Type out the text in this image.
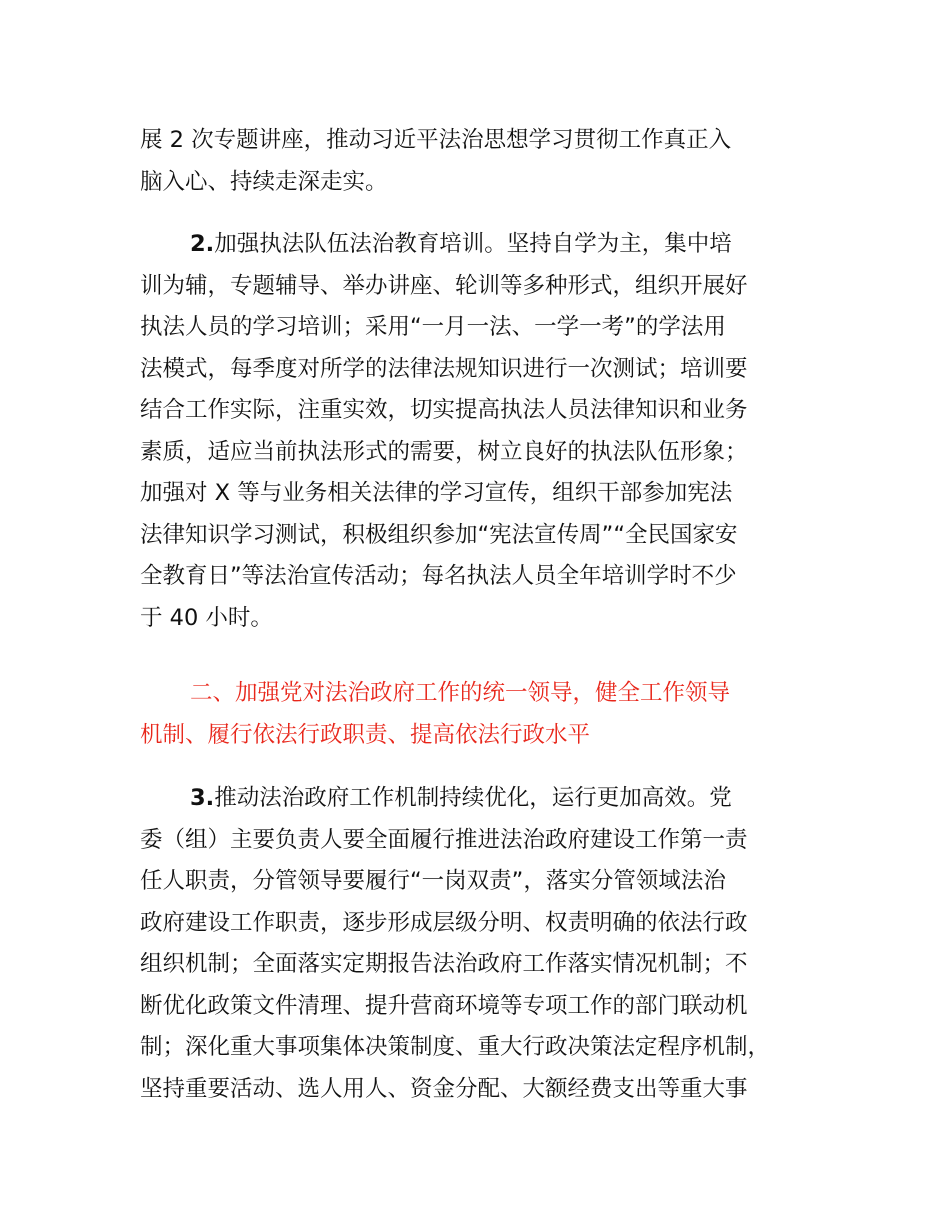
展 2 次专题讲座，推动习近平法治思想学习贯彻工作真正入
脑入心、持续走深走实。
2.加强执法队伍法治教育培训。坚持自学为主，集中培
训为辅，专题辅导、举办讲座、轮训等多种形式，组织开展好
执法人员的学习培训；采用“一月一法、一学一考”的学法用
法模式，每季度对所学的法律法规知识进行一次测试；培训要
结合工作实际，注重实效，切实提高执法人员法律知识和业务
素质，适应当前执法形式的需要，树立良好的执法队伍形象；
加强对 X 等与业务相关法律的学习宣传，组织干部参加宪法
法律知识学习测试，积极组织参加“宪法宣传周”“全民国家安
全教育日”等法治宣传活动；每名执法人员全年培训学时不少
于 40 小时。
二、加强党对法治政府工作的统一领导，健全工作领导
机制、履行依法行政职责、提高依法行政水平
3.推动法治政府工作机制持续优化，运行更加高效。党
委（组）主要负责人要全面履行推进法治政府建设工作第一责
任人职责，分管领导要履行“一岗双责”，落实分管领域法治
政府建设工作职责，逐步形成层级分明、权责明确的依法行政
组织机制；全面落实定期报告法治政府工作落实情况机制；不
断优化政策文件清理、提升营商环境等专项工作的部门联动机
制；深化重大事项集体决策制度、重大行政决策法定程序机制，
坚持重要活动、选人用人、资金分配、大额经费支出等重大事
